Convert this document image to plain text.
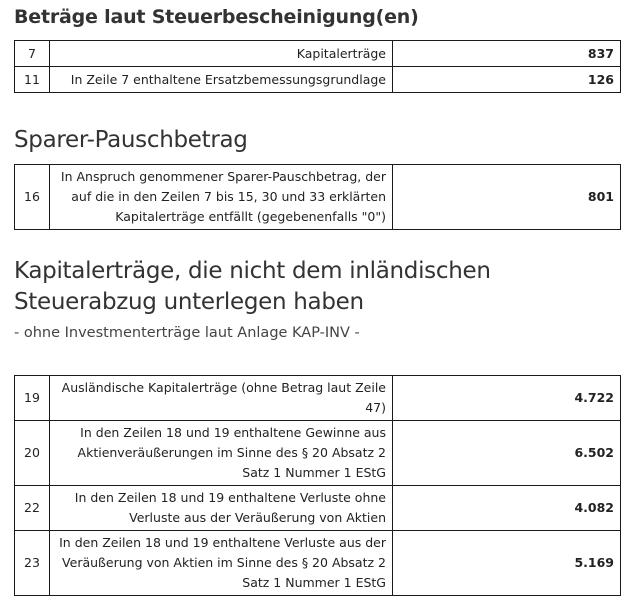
Beträge laut Steuerbescheinigung(en)
7	Kapitalerträge	837
11	In Zeile 7 enthaltene Ersatzbemessungsgrundlage	126
Sparer-Pauschbetrag
16	In Anspruch genommener Sparer-Pauschbetrag, der auf die in den Zeilen 7 bis 15, 30 und 33 erklärten Kapitalerträge entfällt (gegebenenfalls "0")	801
Kapitalerträge, die nicht dem inländischen Steuerabzug unterlegen haben

- ohne Investmenterträge laut Anlage KAP-INV -

19	Ausländische Kapitalerträge (ohne Betrag laut Zeile 47)	4.722
20	In den Zeilen 18 und 19 enthaltene Gewinne aus Aktienveräußerungen im Sinne des § 20 Absatz 2 Satz 1 Nummer 1 EStG	6.502
22	In den Zeilen 18 und 19 enthaltene Verluste ohne Verluste aus der Veräußerung von Aktien	4.082
23	In den Zeilen 18 und 19 enthaltene Verluste aus der Veräußerung von Aktien im Sinne des § 20 Absatz 2 Satz 1 Nummer 1 EStG	5.169
